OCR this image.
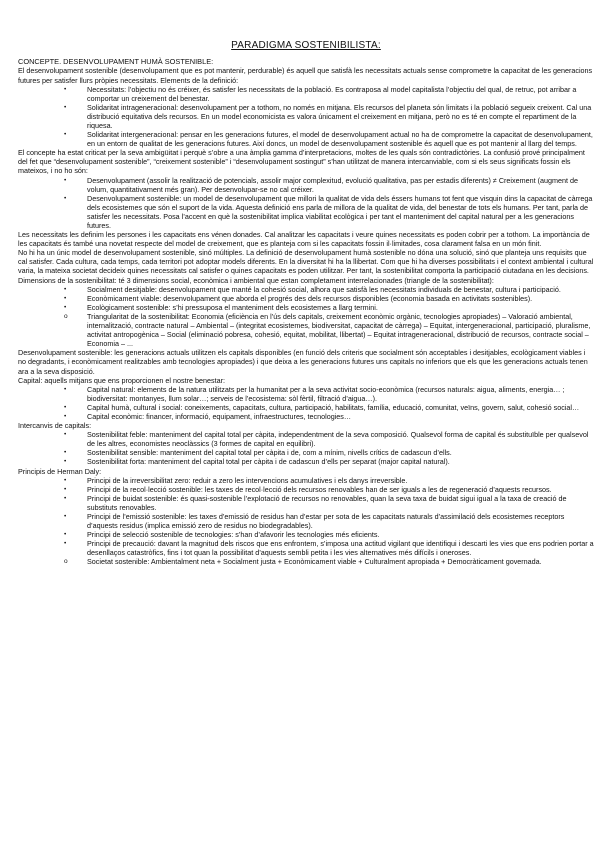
PARADIGMA SOSTENIBILISTA:

CONCEPTE. DESENVOLUPAMENT HUMÀ SOSTENIBLE:

El desenvolupament sostenible (desenvolupament que es pot mantenir, perdurable) és aquell que satisfà les necessitats actuals sense comprometre la capacitat de les generacions futures per satisfer llurs pròpies necessitats. Elements de la definició:

•	Necessitats: l’objectiu no és créixer, és satisfer les necessitats de la població. Es contraposa al model capitalista l’objectiu del qual, de retruc, pot arribar a comportar un creixement del benestar.
•	Solidaritat intrageneracional: desenvolupament per a tothom, no només en mitjana. Els recursos del planeta són limitats i la població segueix creixent. Cal una distribució equitativa dels recursos. En un model economicista es valora únicament el creixement en mitjana, però no es té en compte el repartiment de la riquesa.
•	Solidaritat intergeneracional: pensar en les generacions futures, el model de desenvolupament actual no ha de comprometre la capacitat de desenvolupament, en un entorn de qualitat de les generacions futures. Així doncs, un model de desenvolupament sostenible és aquell que es pot mantenir al llarg del temps.

El concepte ha estat criticat per la seva ambigüitat i perquè s’obre a una àmplia gamma d’interpretacions, moltes de les quals són contradictòries. La confusió prové principalment del fet que “desenvolupament sostenible”, “creixement sostenible” i “desenvolupament sostingut” s’han utilitzat de manera intercanviable, com si els seus significats fossin els mateixos, i no ho són:

•	Desenvolupament (assolir la realització de potencials, assolir major complexitud, evolució qualitativa, pas per estadis diferents) ≠ Creixement (augment de volum, quantitativament més gran). Per desenvolupar-se no cal créixer.
•	Desenvolupament sostenible: un model de desenvolupament que millori la qualitat de vida dels éssers humans tot fent que visquin dins la capacitat de càrrega dels ecosistemes que són el suport de la vida. Aquesta definició ens parla de millora de la qualitat de vida, del benestar de tots els humans. Per tant, parla de satisfer les necessitats. Posa l’accent en què la sostenibilitat implica viabilitat ecològica i per tant el manteniment del capital natural per a les generacions futures.

Les necessitats les definim les persones i les capacitats ens vénen donades. Cal analitzar les capacitats i veure quines necessitats es poden cobrir per a tothom. La importància de les capacitats és també una novetat respecte del model de creixement, que es planteja com si les capacitats fossin il·limitades, cosa clarament falsa en un món finit.

No hi ha un únic model de desenvolupament sostenible, sinó múltiples. La definició de desenvolupament humà sostenible no dóna una solució, sinó que planteja uns requisits que cal satisfer. Cada cultura, cada temps, cada territori pot adoptar models diferents. En la diversitat hi ha la llibertat. Com que hi ha diverses possibilitats i el context ambiental i cultural varia, la mateixa societat decideix quines necessitats cal satisfer o quines capacitats es poden utilitzar. Per tant, la sostenibilitat comporta la participació ciutadana en les decisions.

Dimensions de la sostenibilitat: té 3 dimensions social, econòmica i ambiental que estan completament interrelacionades (triangle de la sostenibilitat):

•	Socialment desitjable: desenvolupament que manté la cohesió social, alhora que satisfà les necessitats individuals de benestar, cultura i participació.
•	Econòmicament viable: desenvolupament que aborda el progrés des dels recursos disponibles (economia basada en activitats sostenibles).
•	Ecològicament sostenible: s’hi pressuposa el manteniment dels ecosistemes a llarg termini.
o	Triangularitat de la sostenibilitat: Economia (eficiència en l’ús dels capitals, creixement econòmic orgànic, tecnologies apropiades) – Valoració ambiental, internalització, contracte natural – Ambiental – (integritat ecosistemes, biodiversitat, capacitat de càrrega) – Equitat, intergeneracional, participació, pluralisme, activitat antropogènica – Social (eliminació pobresa, cohesió, equitat, mobilitat, llibertat) – Equitat intrageneracional, distribució de recursos, contracte social – Economia – ...

Desenvolupament sostenible: les generacions actuals utilitzen els capitals disponibles (en funció dels criteris que socialment són acceptables i desitjables, ecològicament viables i no degradants, i econòmicament realitzables amb tecnologies apropiades) i que deixa a les generacions futures uns capitals no inferiors que els que les generacions actuals tenen ara a la seva disposició.

Capital: aquells mitjans que ens proporcionen el nostre benestar:

•	Capital natural: elements de la natura utilitzats per la humanitat per a la seva activitat socio-econòmica (recursos naturals: aigua, aliments, energia… ; biodiversitat: montanyes, llum solar…; serveis de l’ecosistema: sòl fèrtil, filtració d’aigua…).
•	Capital humà, cultural i social: coneixements, capacitats, cultura, participació, habilitats, família, educació, comunitat, veïns, govern, salut, cohesió social…
•	Capital econòmic: financer, informació, equipament, infraestructures, tecnologies…

Intercanvis de capitals:

•	Sostenibilitat feble: manteniment del capital total per càpita, independentment de la seva composició. Qualsevol forma de capital és substituïble per qualsevol de les altres, economistes neoclàssics (3 formes de capital en equilibri).
•	Sostenibilitat sensible: manteniment del capital total per càpita i de, com a mínim, nivells crítics de cadascun d’ells.
•	Sostenibilitat forta: manteniment del capital total per càpita i de cadascun d’ells per separat (major capital natural).

Principis de Herman Daly:

•	Principi de la irreversibilitat zero: reduir a zero les intervencions acumulatives i els danys irreversible.
•	Principi de la recol·lecció sostenible: les taxes de recol·lecció dels recursos renovables han de ser iguals a les de regeneració d’aquests recursos.
•	Principi de buidat sostenible: és quasi-sostenible l’explotació de recursos no renovables, quan la seva taxa de buidat sigui igual a la taxa de creació de substituts renovables.
•	Principi de l’emissió sostenible: les taxes d’emissió de residus han d’estar per sota de les capacitats naturals d’assimilació dels ecosistemes receptors d’aquests residus (implica emissió zero de residus no biodegradables).
•	Principi de selecció sostenible de tecnologies: s’han d’afavorir les tecnologies més eficients.
•	Principi de precaució: davant la magnitud dels riscos que ens enfrontem, s’imposa una actitud vigilant que identifiqui i descarti les vies que ens podrien portar a desenllaços catastròfics, fins i tot quan la possibilitat d’aquests sembli petita i les vies alternatives més difícils i oneroses.
o	Societat sostenible: Ambientalment neta + Socialment justa + Econòmicament viable + Culturalment apropiada + Democràticament governada.
